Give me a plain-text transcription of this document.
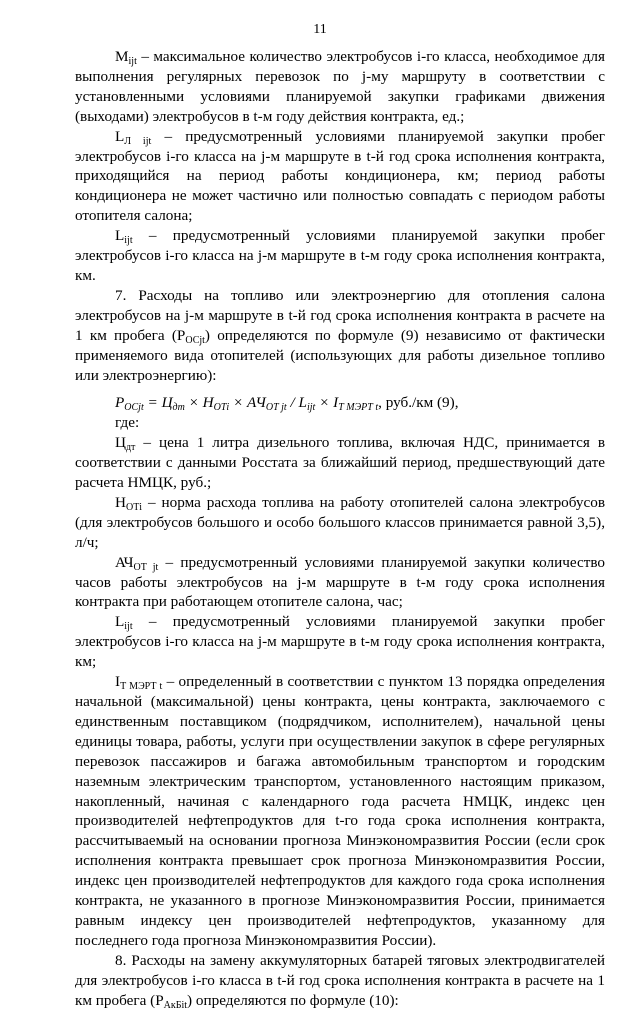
11

$М_{ijt}$ – максимальное количество электробусов i-го класса, необходимое для выполнения регулярных перевозок по j-му маршруту в соответствии с установленными условиями планируемой закупки графиками движения (выходами) электробусов в t-м году действия контракта, ед.;

$L_{Л ijt}$ – предусмотренный условиями планируемой закупки пробег электробусов i-го класса на j-м маршруте в t-й год срока исполнения контракта, приходящийся на период работы кондиционера, км; период работы кондиционера не может частично или полностью совпадать с периодом работы отопителя салона;

$L_{ijt}$ – предусмотренный условиями планируемой закупки пробег электробусов i-го класса на j-м маршруте в t-м году срока исполнения контракта, км.

7. Расходы на топливо или электроэнергию для отопления салона электробусов на j-м маршруте в t-й год срока исполнения контракта в расчете на 1 км пробега $(Р_{ОСjt})$ определяются по формуле (9) независимо от фактически применяемого вида отопителей (использующих для работы дизельное топливо или электроэнергию):

$Р_{ОСjt} = Ц_{дт} \times Н_{ОТi} \times АЧ_{ОТ jt} / L_{ijt} \times I_{Т МЭРТ t}$, руб./км (9),

где:

$Ц_{дт}$ – цена 1 литра дизельного топлива, включая НДС, принимается в соответствии с данными Росстата за ближайший период, предшествующий дате расчета НМЦК, руб.;

$Н_{ОТi}$ – норма расхода топлива на работу отопителей салона электробусов (для электробусов большого и особо большого классов принимается равной 3,5), л/ч;

$АЧ_{ОТ jt}$ – предусмотренный условиями планируемой закупки количество часов работы электробусов на j-м маршруте в t-м году срока исполнения контракта при работающем отопителе салона, час;

$L_{ijt}$ – предусмотренный условиями планируемой закупки пробег электробусов i-го класса на j-м маршруте в t-м году срока исполнения контракта, км;

$I_{Т МЭРТ t}$ – определенный в соответствии с пунктом 13 порядка определения начальной (максимальной) цены контракта, цены контракта, заключаемого с единственным поставщиком (подрядчиком, исполнителем), начальной цены единицы товара, работы, услуги при осуществлении закупок в сфере регулярных перевозок пассажиров и багажа автомобильным транспортом и городским наземным электрическим транспортом, установленного настоящим приказом, накопленный, начиная с календарного года расчета НМЦК, индекс цен производителей нефтепродуктов для t-го года срока исполнения контракта, рассчитываемый на основании прогноза Минэкономразвития России (если срок исполнения контракта превышает срок прогноза Минэкономразвития России, индекс цен производителей нефтепродуктов для каждого года срока исполнения контракта, не указанного в прогнозе Минэкономразвития России, принимается равным индексу цен производителей нефтепродуктов, указанному для последнего года прогноза Минэкономразвития России).

8. Расходы на замену аккумуляторных батарей тяговых электродвигателей для электробусов i-го класса в t-й год срока исполнения контракта в расчете на 1 км пробега $(Р_{АкБit})$ определяются по формуле (10):
